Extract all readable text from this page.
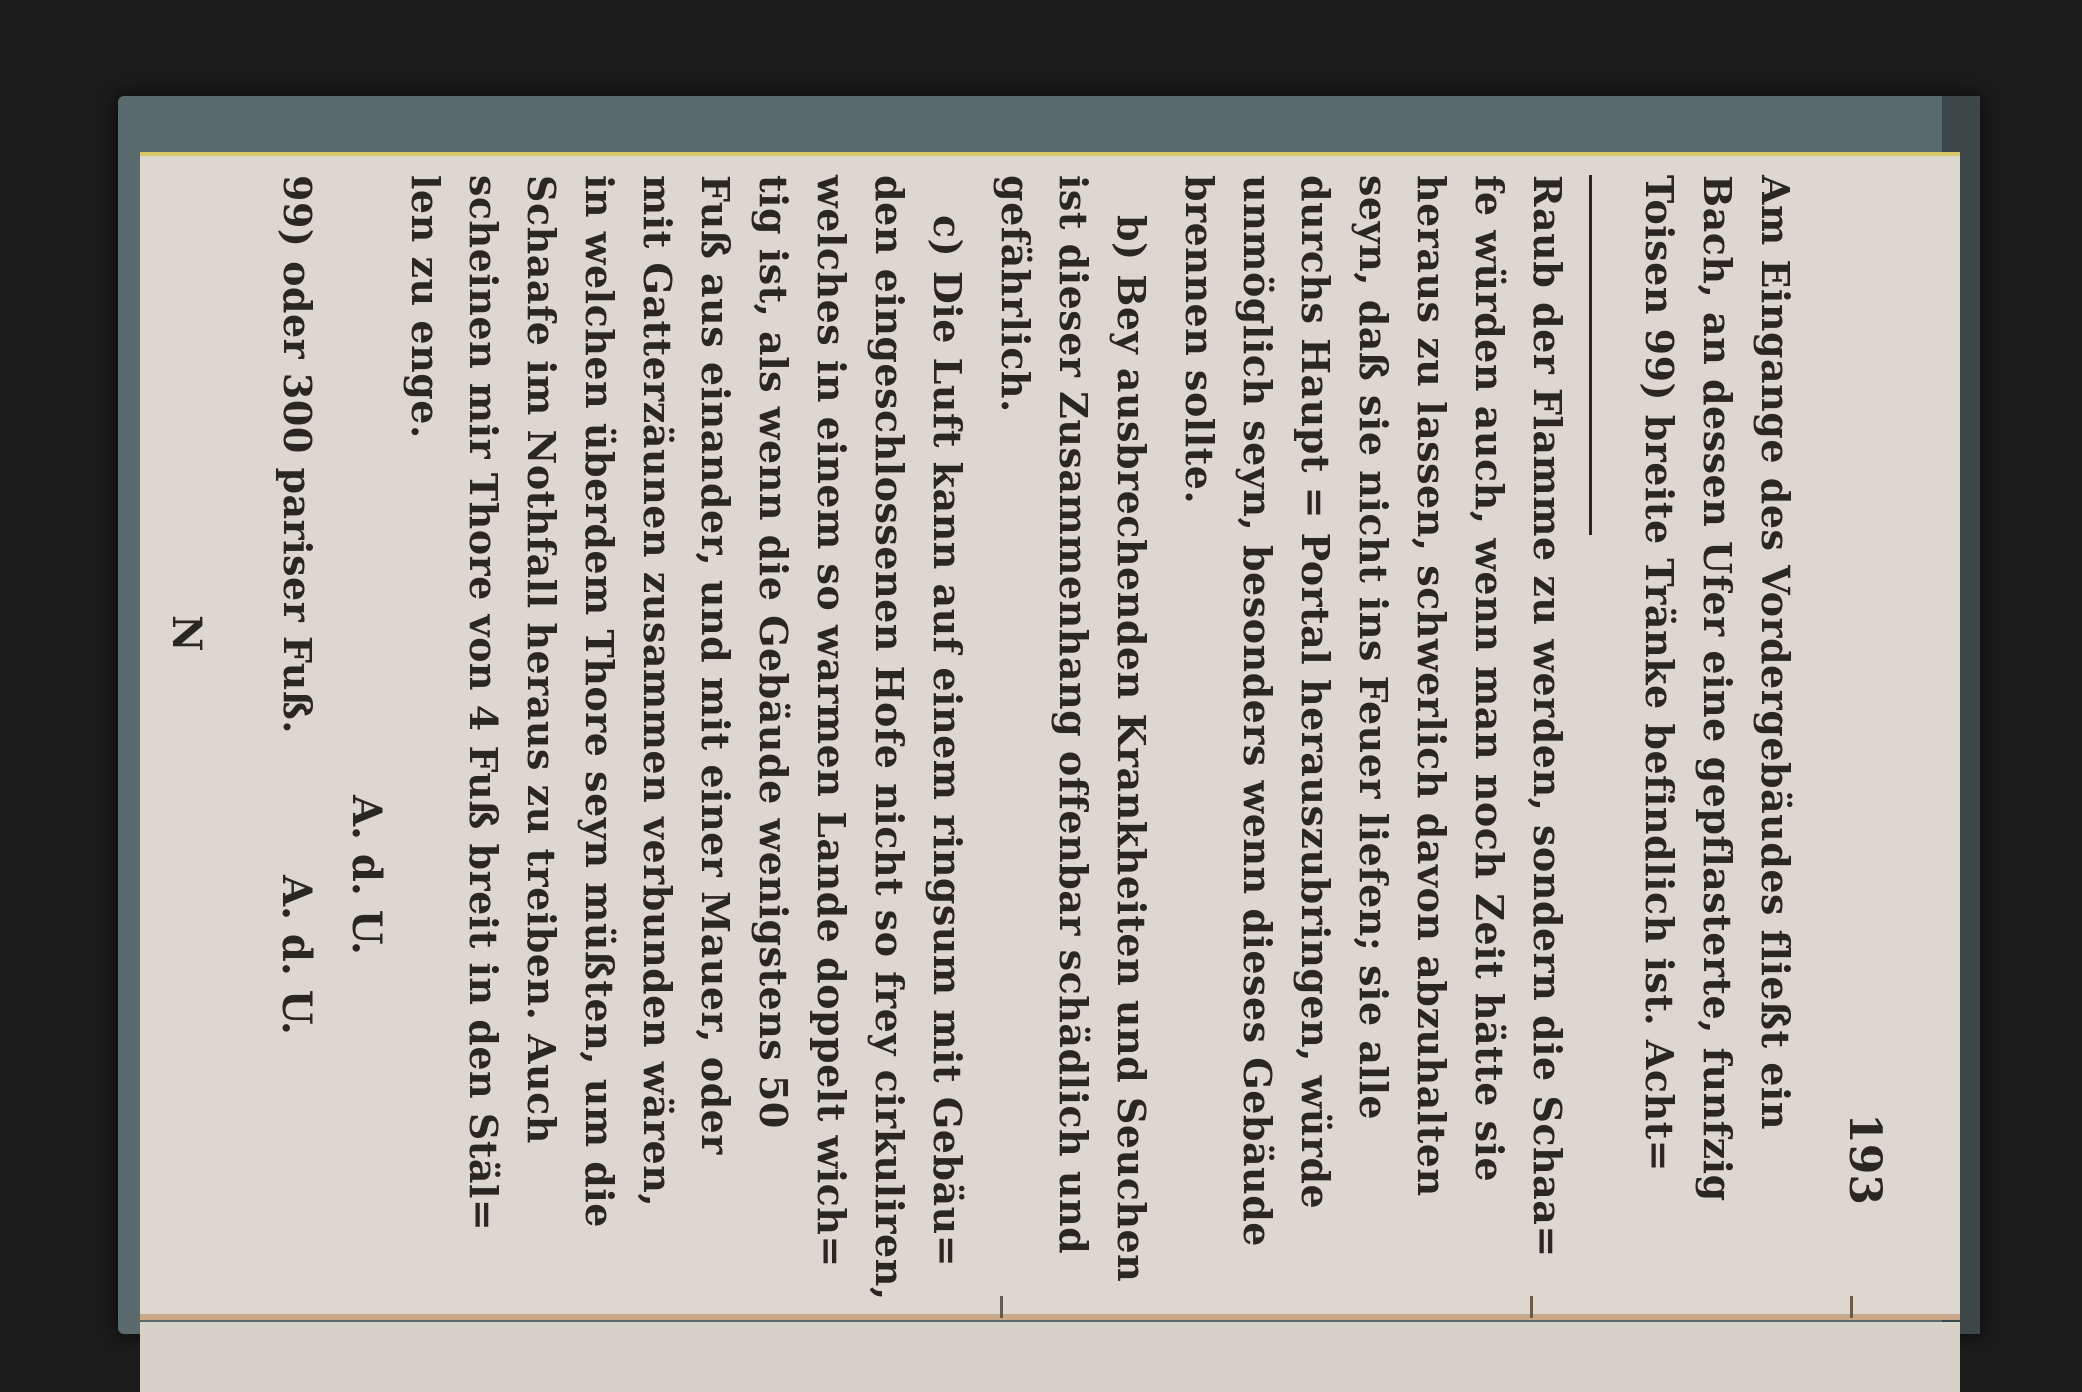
193
Am Eingange des Vordergebäudes fließt ein
Bach, an dessen Ufer eine gepflasterte, funfzig
Toisen 99) breite Tränke befindlich ist. Acht=
Raub der Flamme zu werden, sondern die Schaa=
fe würden auch, wenn man noch Zeit hätte sie
heraus zu lassen, schwerlich davon abzuhalten
seyn, daß sie nicht ins Feuer liefen; sie alle
durchs Haupt = Portal herauszubringen, würde
unmöglich seyn, besonders wenn dieses Gebäude
brennen sollte.
b) Bey ausbrechenden Krankheiten und Seuchen
ist dieser Zusammenhang offenbar schädlich und
gefährlich.
c) Die Luft kann auf einem ringsum mit Gebäu=
den eingeschlossenen Hofe nicht so frey cirkuliren,
welches in einem so warmen Lande doppelt wich=
tig ist, als wenn die Gebäude wenigstens 50
Fuß aus einander, und mit einer Mauer, oder
mit Gatterzäunen zusammen verbunden wären,
in welchen überdem Thore seyn müßten, um die
Schaafe im Nothfall heraus zu treiben. Auch
scheinen mir Thore von 4 Fuß breit in den Stäl=
len zu enge.
A. d. U.
99) oder 300 pariser Fuß.
A. d. U.
N
